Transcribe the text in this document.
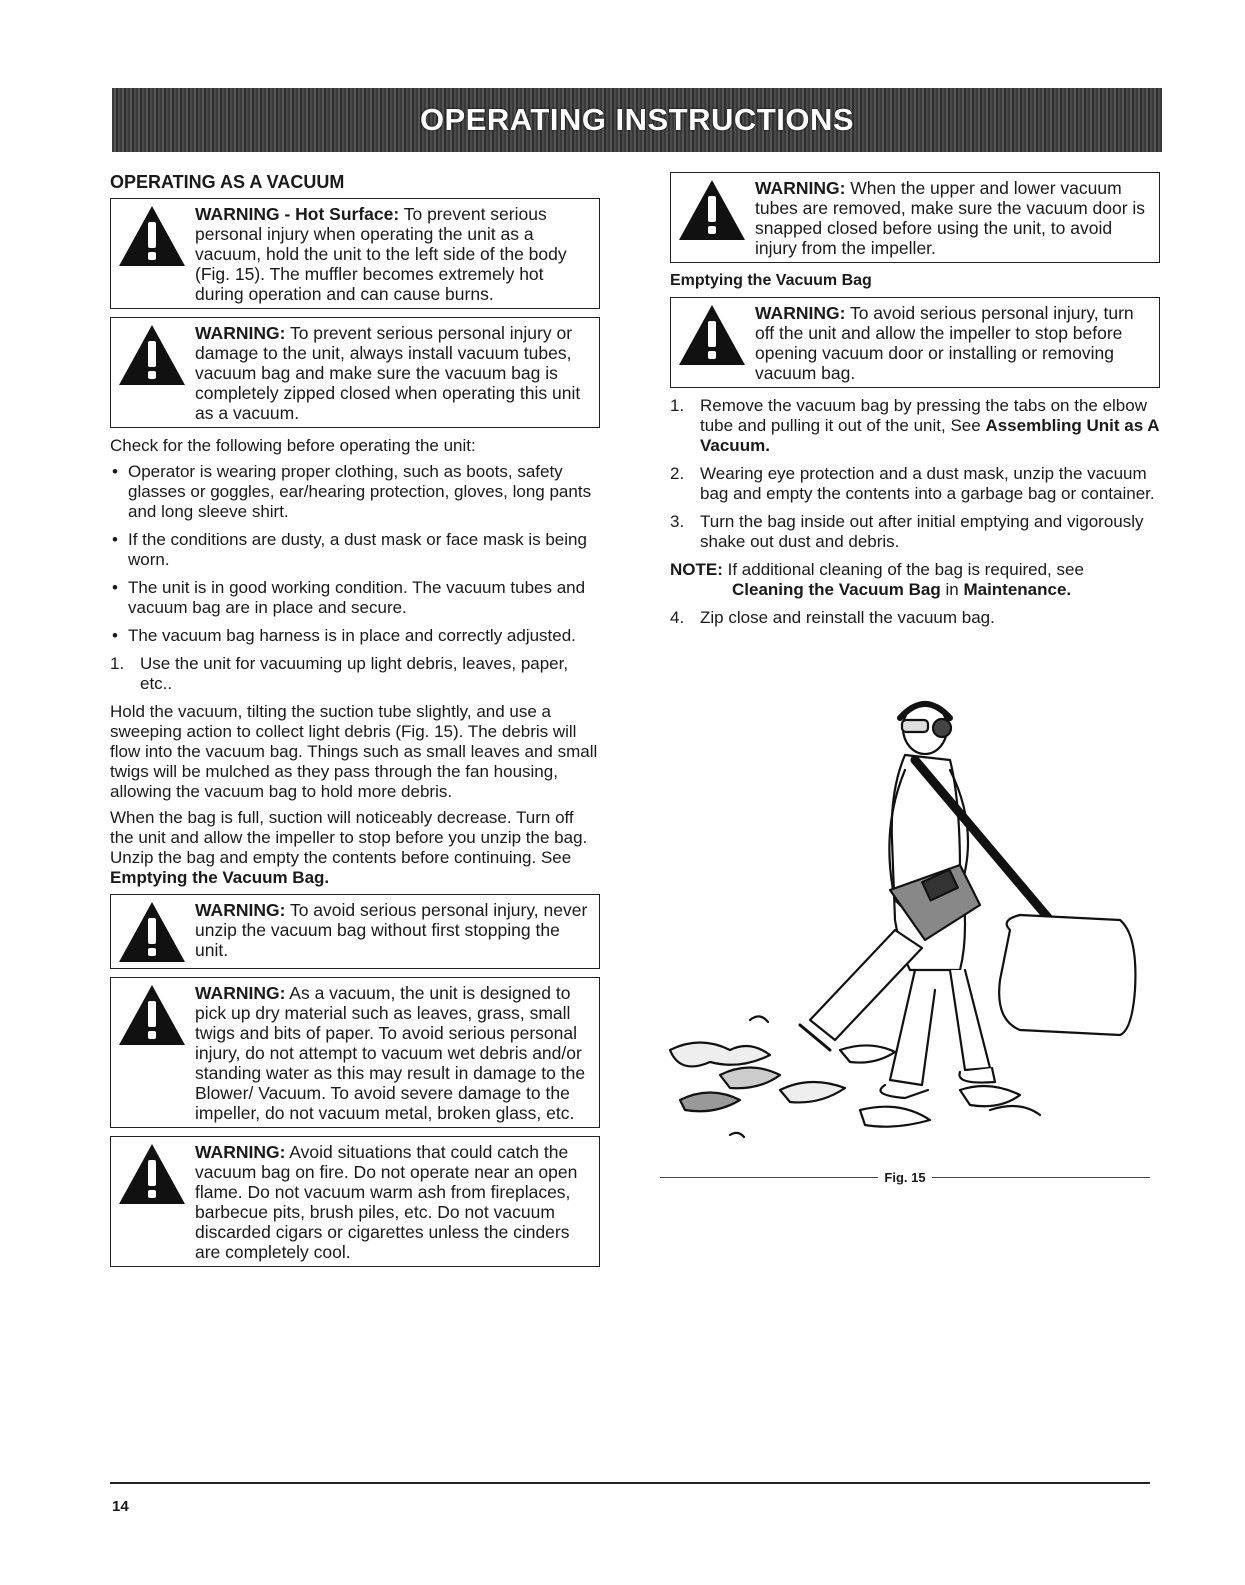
OPERATING INSTRUCTIONS
OPERATING AS A VACUUM
WARNING - Hot Surface: To prevent serious personal injury when operating the unit as a vacuum, hold the unit to the left side of the body (Fig. 15). The muffler becomes extremely hot during operation and can cause burns.
WARNING: To prevent serious personal injury or damage to the unit, always install vacuum tubes, vacuum bag and make sure the vacuum bag is completely zipped closed when operating this unit as a vacuum.

Check for the following before operating the unit:

• Operator is wearing proper clothing, such as boots, safety glasses or goggles, ear/hearing protection, gloves, long pants and long sleeve shirt.
• If the conditions are dusty, a dust mask or face mask is being worn.
• The unit is in good working condition. The vacuum tubes and vacuum bag are in place and secure.
• The vacuum bag harness is in place and correctly adjusted.
1. Use the unit for vacuuming up light debris, leaves, paper, etc..

Hold the vacuum, tilting the suction tube slightly, and use a sweeping action to collect light debris (Fig. 15). The debris will flow into the vacuum bag. Things such as small leaves and small twigs will be mulched as they pass through the fan housing, allowing the vacuum bag to hold more debris.

When the bag is full, suction will noticeably decrease. Turn off the unit and allow the impeller to stop before you unzip the bag. Unzip the bag and empty the contents before continuing. See Emptying the Vacuum Bag.

WARNING: To avoid serious personal injury, never unzip the vacuum bag without first stopping the unit.
WARNING: As a vacuum, the unit is designed to pick up dry material such as leaves, grass, small twigs and bits of paper. To avoid serious personal injury, do not attempt to vacuum wet debris and/or standing water as this may result in damage to the Blower/ Vacuum. To avoid severe damage to the impeller, do not vacuum metal, broken glass, etc.
WARNING: Avoid situations that could catch the vacuum bag on fire. Do not operate near an open flame. Do not vacuum warm ash from fireplaces, barbecue pits, brush piles, etc. Do not vacuum discarded cigars or cigarettes unless the cinders are completely cool.
WARNING: When the upper and lower vacuum tubes are removed, make sure the vacuum door is snapped closed before using the unit, to avoid injury from the impeller.
Emptying the Vacuum Bag
WARNING: To avoid serious personal injury, turn off the unit and allow the impeller to stop before opening vacuum door or installing or removing vacuum bag.
1. Remove the vacuum bag by pressing the tabs on the elbow tube and pulling it out of the unit, See Assembling Unit as A Vacuum.
2. Wearing eye protection and a dust mask, unzip the vacuum bag and empty the contents into a garbage bag or container.
3. Turn the bag inside out after initial emptying and vigorously shake out dust and debris.
NOTE: If additional cleaning of the bag is required, see
Cleaning the Vacuum Bag in Maintenance.
4. Zip close and reinstall the vacuum bag.
Fig. 15
14
